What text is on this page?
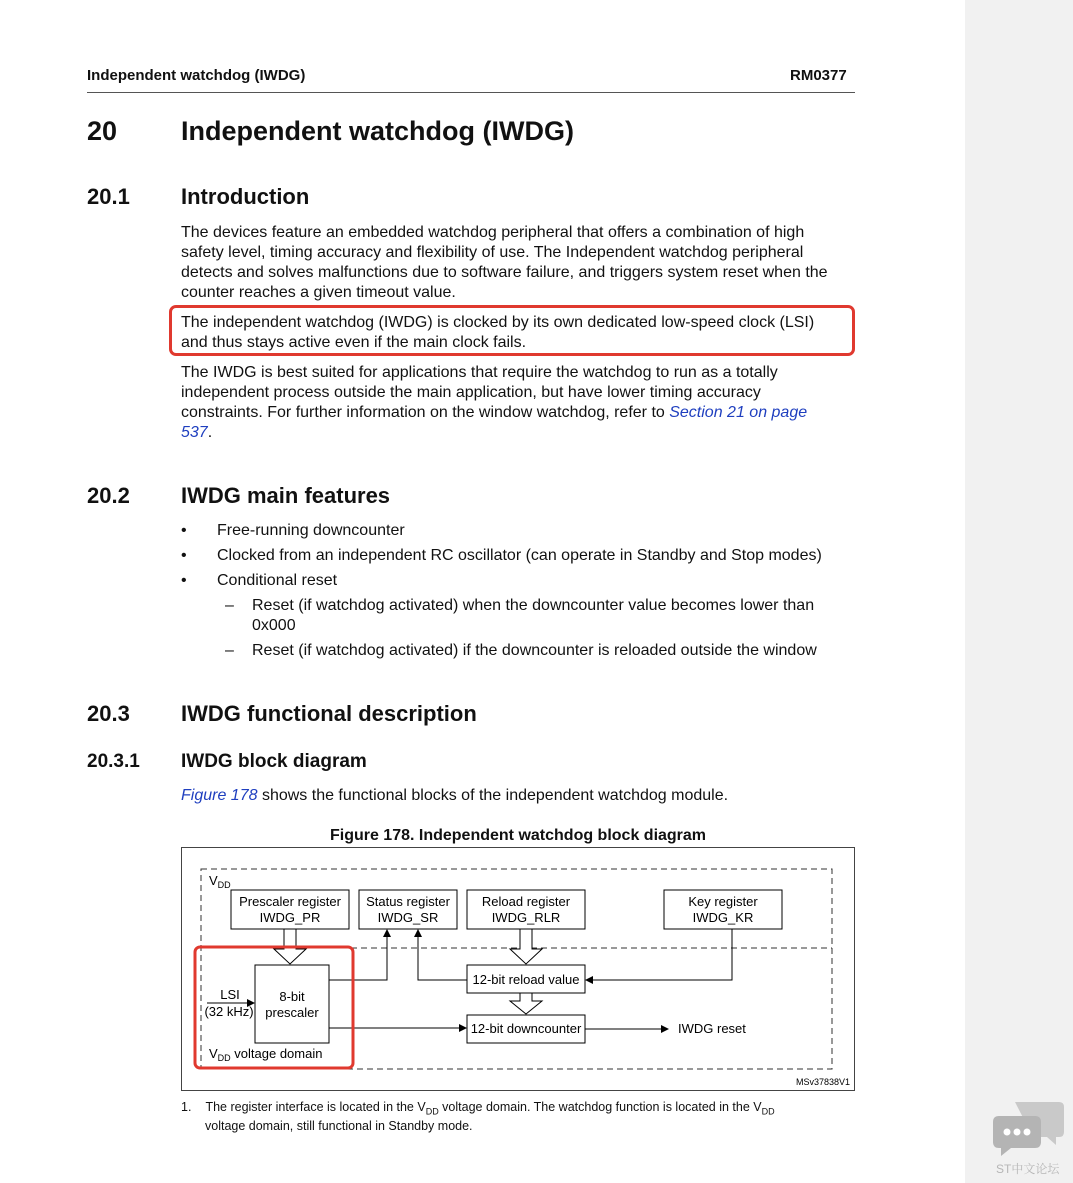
Independent watchdog (IWDG)	RM0377
20 Independent watchdog (IWDG)
20.1 Introduction
The devices feature an embedded watchdog peripheral that offers a combination of high
safety level, timing accuracy and flexibility of use. The Independent watchdog peripheral
detects and solves malfunctions due to software failure, and triggers system reset when the
counter reaches a given timeout value.
The independent watchdog (IWDG) is clocked by its own dedicated low-speed clock (LSI)
and thus stays active even if the main clock fails.
The IWDG is best suited for applications that require the watchdog to run as a totally
independent process outside the main application, but have lower timing accuracy
constraints. For further information on the window watchdog, refer to Section 21 on page
537.
20.2 IWDG main features
• Free-running downcounter
• Clocked from an independent RC oscillator (can operate in Standby and Stop modes)
• Conditional reset
– Reset (if watchdog activated) when the downcounter value becomes lower than
0x000
– Reset (if watchdog activated) if the downcounter is reloaded outside the window
20.3 IWDG functional description
20.3.1 IWDG block diagram
Figure 178 shows the functional blocks of the independent watchdog module.
Figure 178. Independent watchdog block diagram
Prescaler register
IWDG_PR
Status register
IWDG_SR
Reload register
IWDG_RLR
Key register
IWDG_KR
8-bit
prescaler
12-bit reload value
12-bit downcounter
LSI
(32 kHz)
IWDG reset
$V_{DD}$
$V_{DD}$ voltage domain
MSv37838V1
1. The register interface is located in the $V_{DD}$ voltage domain. The watchdog function is located in the $V_{DD}$
voltage domain, still functional in Standby mode.
ST中文论坛
